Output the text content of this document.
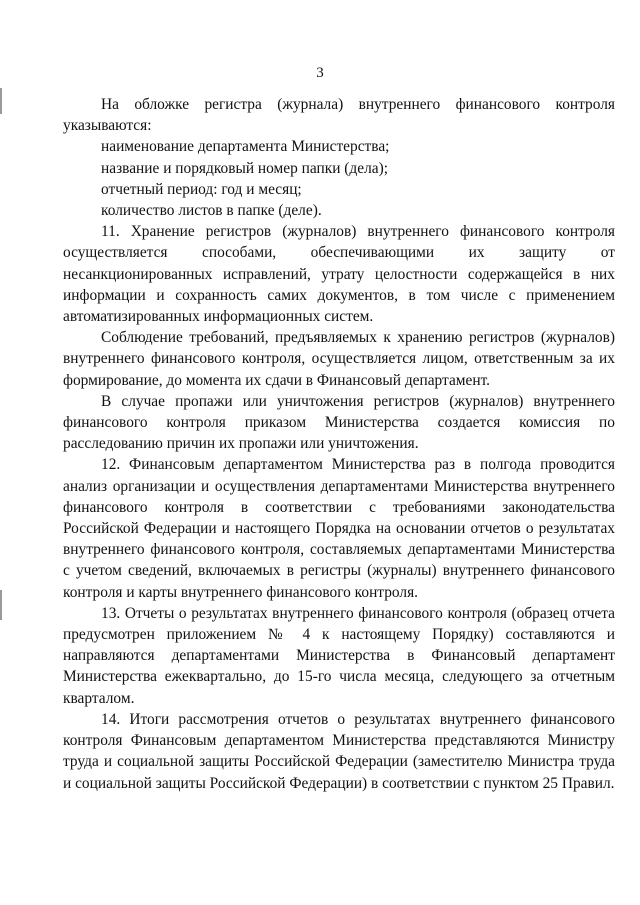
3

На обложке регистра (журнала) внутреннего финансового контроля указываются:

наименование департамента Министерства;

название и порядковый номер папки (дела);

отчетный период: год и месяц;

количество листов в папке (деле).

11. Хранение регистров (журналов) внутреннего финансового контроля осуществляется способами, обеспечивающими их защиту от несанкционированных исправлений, утрату целостности содержащейся в них информации и сохранность самих документов, в том числе с применением автоматизированных информационных систем.

Соблюдение требований, предъявляемых к хранению регистров (журналов) внутреннего финансового контроля, осуществляется лицом, ответственным за их формирование, до момента их сдачи в Финансовый департамент.

В случае пропажи или уничтожения регистров (журналов) внутреннего финансового контроля приказом Министерства создается комиссия по расследованию причин их пропажи или уничтожения.

12. Финансовым департаментом Министерства раз в полгода проводится анализ организации и осуществления департаментами Министерства внутреннего финансового контроля в соответствии с требованиями законодательства Российской Федерации и настоящего Порядка на основании отчетов о результатах внутреннего финансового контроля, составляемых департаментами Министерства с учетом сведений, включаемых в регистры (журналы) внутреннего финансового контроля и карты внутреннего финансового контроля.

13. Отчеты о результатах внутреннего финансового контроля (образец отчета предусмотрен приложением № 4 к настоящему Порядку) составляются и направляются департаментами Министерства в Финансовый департамент Министерства ежеквартально, до 15-го числа месяца, следующего за отчетным кварталом.

14. Итоги рассмотрения отчетов о результатах внутреннего финансового контроля Финансовым департаментом Министерства представляются Министру труда и социальной защиты Российской Федерации (заместителю Министра труда и социальной защиты Российской Федерации) в соответствии с пунктом 25 Правил.
